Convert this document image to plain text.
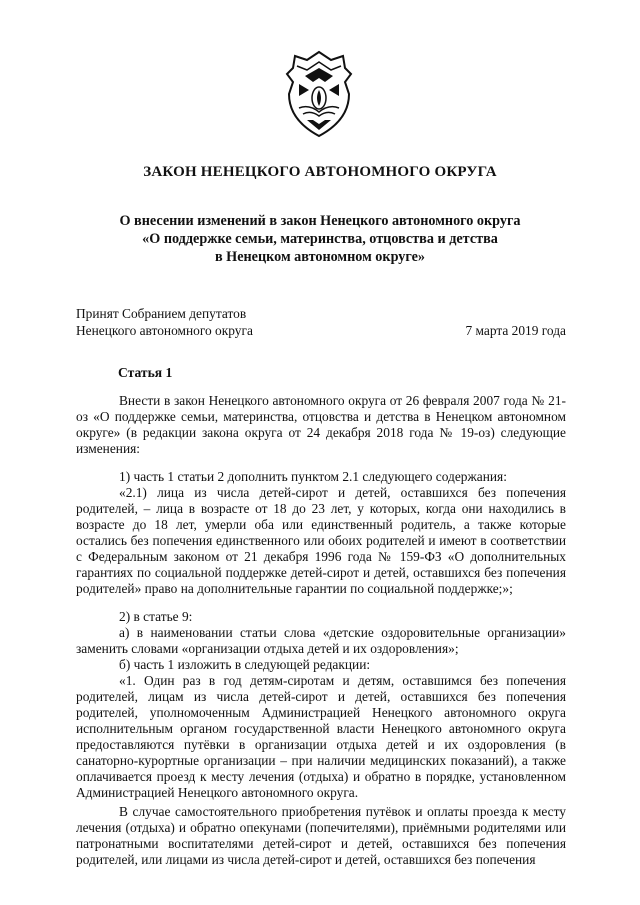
ЗАКОН НЕНЕЦКОГО АВТОНОМНОГО ОКРУГА
О внесении изменений в закон Ненецкого автономного округа
«О поддержке семьи, материнства, отцовства и детства
в Ненецком автономном округе»
Принят Собранием депутатов
Ненецкого автономного округа	7 марта 2019 года
Статья 1

Внести в закон Ненецкого автономного округа от 26 февраля 2007 года № 21-оз «О поддержке семьи, материнства, отцовства и детства в Ненецком автономном округе» (в редакции закона округа от 24 декабря 2018 года № 19-оз) следующие изменения:

1) часть 1 статьи 2 дополнить пунктом 2.1 следующего содержания:

«2.1) лица из числа детей-сирот и детей, оставшихся без попечения родителей, – лица в возрасте от 18 до 23 лет, у которых, когда они находились в возрасте до 18 лет, умерли оба или единственный родитель, а также которые остались без попечения единственного или обоих родителей и имеют в соответствии с Федеральным законом от 21 декабря 1996 года № 159-ФЗ «О дополнительных гарантиях по социальной поддержке детей-сирот и детей, оставшихся без попечения родителей» право на дополнительные гарантии по социальной поддержке;»;

2) в статье 9:

а) в наименовании статьи слова «детские оздоровительные организации» заменить словами «организации отдыха детей и их оздоровления»;

б) часть 1 изложить в следующей редакции:

«1. Один раз в год детям-сиротам и детям, оставшимся без попечения родителей, лицам из числа детей-сирот и детей, оставшихся без попечения родителей, уполномоченным Администрацией Ненецкого автономного округа исполнительным органом государственной власти Ненецкого автономного округа предоставляются путёвки в организации отдыха детей и их оздоровления (в санаторно-курортные организации – при наличии медицинских показаний), а также оплачивается проезд к месту лечения (отдыха) и обратно в порядке, установленном Администрацией Ненецкого автономного округа.

В случае самостоятельного приобретения путёвок и оплаты проезда к месту лечения (отдыха) и обратно опекунами (попечителями), приёмными родителями или патронатными воспитателями детей-сирот и детей, оставшихся без попечения родителей, или лицами из числа детей-сирот и детей, оставшихся без попечения
